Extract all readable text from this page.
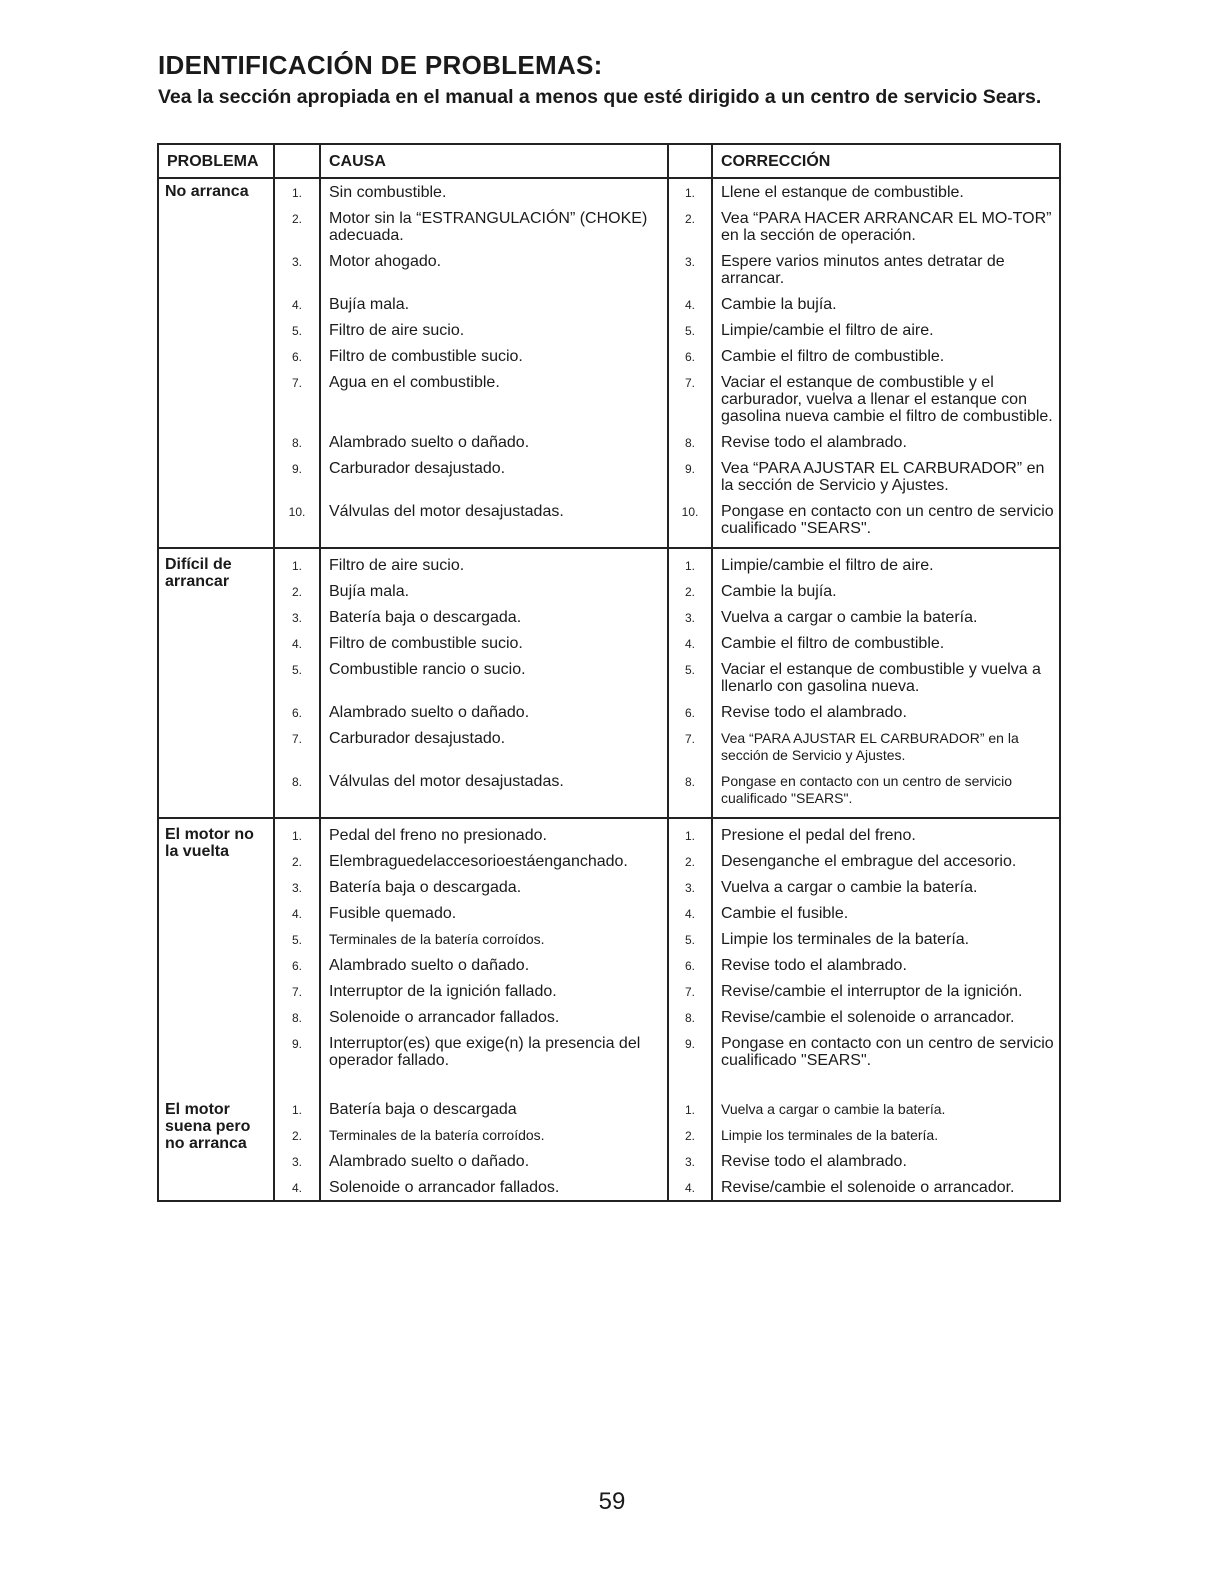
IDENTIFICACIÓN DE PROBLEMAS:

Vea la sección apropiada en el manual a menos que esté dirigido a un centro de servicio Sears.

PROBLEMA		CAUSA		CORRECCIÓN
No arranca	1.	Sin combustible.	1.	Llene el estanque de combustible.
	2.	Motor sin la “ESTRANGULACIÓN” (CHOKE) adecuada.	2.	Vea “PARA HACER ARRANCAR EL MO-TOR” en la sección de operación.
	3.	Motor ahogado.	3.	Espere varios minutos antes detratar de arrancar.
	4.	Bujía mala.	4.	Cambie la bujía.
	5.	Filtro de aire sucio.	5.	Limpie/cambie el filtro de aire.
	6.	Filtro de combustible sucio.	6.	Cambie el filtro de combustible.
	7.	Agua en el combustible.	7.	Vaciar el estanque de combustible y el carburador, vuelva a llenar el estanque con gasolina nueva cambie el filtro de combustible.
	8.	Alambrado suelto o dañado.	8.	Revise todo el alambrado.
	9.	Carburador desajustado.	9.	Vea “PARA AJUSTAR EL CARBURADOR” en la sección de Servicio y Ajustes.
	10.	Válvulas del motor desajustadas.	10.	Pongase en contacto con un centro de servicio cualificado "SEARS".
Difícil de arrancar	1.	Filtro de aire sucio.	1.	Limpie/cambie el filtro de aire.
	2.	Bujía mala.	2.	Cambie la bujía.
	3.	Batería baja o descargada.	3.	Vuelva a cargar o cambie la batería.
	4.	Filtro de combustible sucio.	4.	Cambie el filtro de combustible.
	5.	Combustible rancio o sucio.	5.	Vaciar el estanque de combustible y vuelva a llenarlo con gasolina nueva.
	6.	Alambrado suelto o dañado.	6.	Revise todo el alambrado.
	7.	Carburador desajustado.	7.	Vea “PARA AJUSTAR EL CARBURADOR” en la sección de Servicio y Ajustes.
	8.	Válvulas del motor desajustadas.	8.	Pongase en contacto con un centro de servicio cualificado "SEARS".
El motor no la vuelta	1.	Pedal del freno no presionado.	1.	Presione el pedal del freno.
	2.	Elembraguedelaccesorioestáenganchado.	2.	Desenganche el embrague del accesorio.
	3.	Batería baja o descargada.	3.	Vuelva a cargar o cambie la batería.
	4.	Fusible quemado.	4.	Cambie el fusible.
	5.	Terminales de la batería corroídos.	5.	Limpie los terminales de la batería.
	6.	Alambrado suelto o dañado.	6.	Revise todo el alambrado.
	7.	Interruptor de la ignición fallado.	7.	Revise/cambie el interruptor de la ignición.
	8.	Solenoide o arrancador fallados.	8.	Revise/cambie el solenoide o arrancador.
	9.	Interruptor(es) que exige(n) la presencia del operador fallado.	9.	Pongase en contacto con un centro de servicio cualificado "SEARS".
El motor suena pero no arranca	1.	Batería baja o descargada	1.	Vuelva a cargar o cambie la batería.
	2.	Terminales de la batería corroídos.	2.	Limpie los terminales de la batería.
	3.	Alambrado suelto o dañado.	3.	Revise todo el alambrado.
	4.	Solenoide o arrancador fallados.	4.	Revise/cambie el solenoide o arrancador.
59
